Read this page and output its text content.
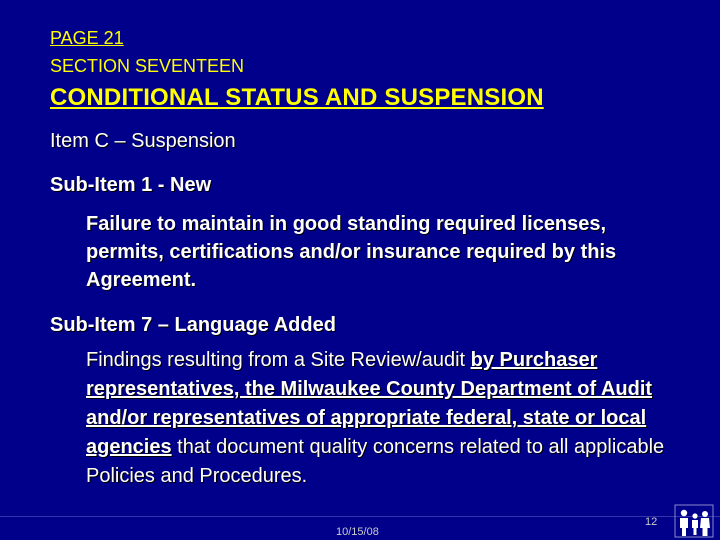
PAGE 21

SECTION SEVENTEEN

CONDITIONAL STATUS AND SUSPENSION

Item C – Suspension

Sub-Item 1 - New

Failure to maintain in good standing required licenses, permits, certifications and/or insurance required by this Agreement.

Sub-Item 7 – Language Added

Findings resulting from a Site Review/audit by Purchaser representatives, the Milwaukee County Department of Audit and/or representatives of appropriate federal, state or local agencies that document quality concerns related to all applicable Policies and Procedures.

10/15/08
12
